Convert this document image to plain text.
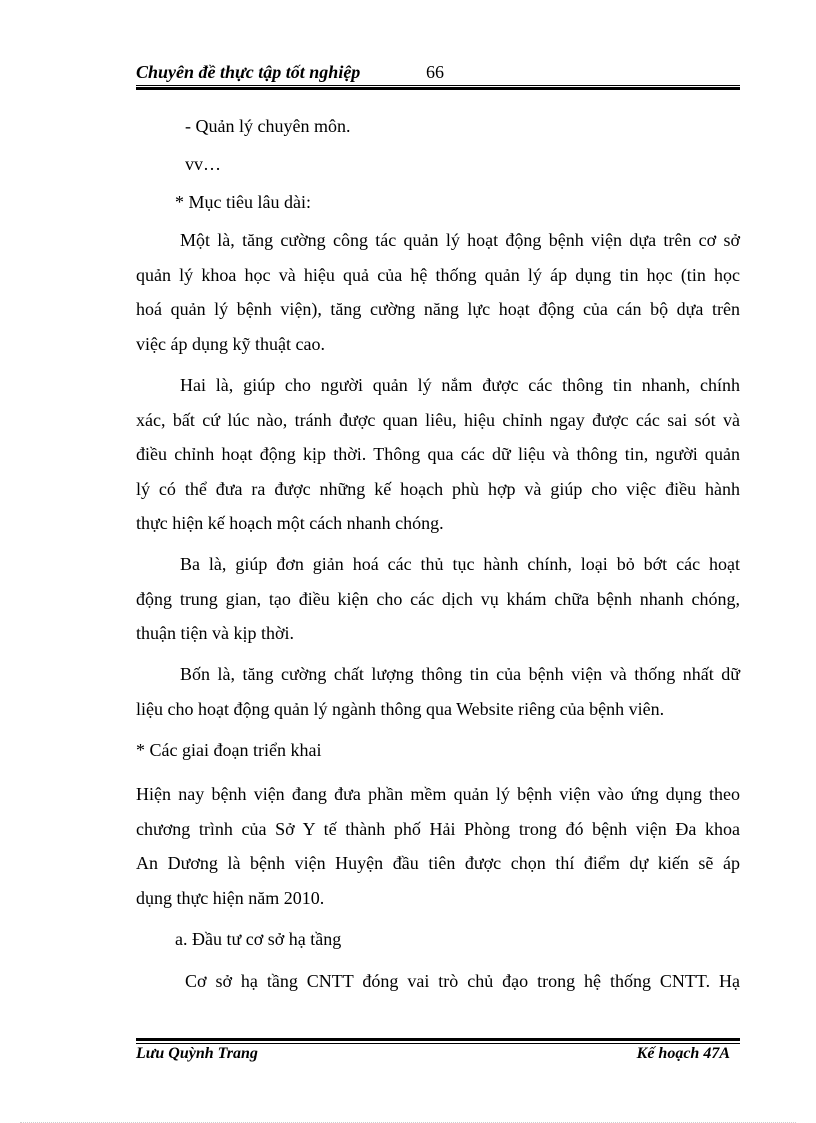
Chuyên đề thực tập tốt nghiệp	66
- Quản lý chuyên môn.
vv…
* Mục tiêu lâu dài:
Một là, tăng cường công tác quản lý hoạt động bệnh viện dựa trên cơ sở
quản lý khoa học và hiệu quả của hệ thống quản lý áp dụng tin học (tin học
hoá quản lý bệnh viện), tăng cường năng lực hoạt động của cán bộ dựa trên
việc áp dụng kỹ thuật cao.
Hai là, giúp cho người quản lý nắm được các thông tin nhanh, chính
xác, bất cứ lúc nào, tránh được quan liêu, hiệu chỉnh ngay được các sai sót và
điều chỉnh hoạt động kịp thời. Thông qua các dữ liệu và thông tin, người quản
lý có thể đưa ra được những kế hoạch phù hợp và giúp cho việc điều hành
thực hiện kế hoạch một cách nhanh chóng.
Ba là, giúp đơn giản hoá các thủ tục hành chính, loại bỏ bớt các hoạt
động trung gian, tạo điều kiện cho các dịch vụ khám chữa bệnh nhanh chóng,
thuận tiện và kịp thời.
Bốn là, tăng cường chất lượng thông tin của bệnh viện và thống nhất dữ
liệu cho hoạt động quản lý ngành thông qua Website riêng của bệnh viên.
* Các giai đoạn triển khai
Hiện nay bệnh viện đang đưa phần mềm quản lý bệnh viện vào ứng dụng theo
chương trình của Sở Y tế thành phố Hải Phòng trong đó bệnh viện Đa khoa
An Dương là bệnh viện Huyện đầu tiên được chọn thí điểm dự kiến sẽ áp
dụng thực hiện năm 2010.
a. Đầu tư cơ sở hạ tầng
Cơ sở hạ tầng CNTT đóng vai trò chủ đạo trong hệ thống CNTT. Hạ
Lưu Quỳnh Trang	Kế hoạch 47A
